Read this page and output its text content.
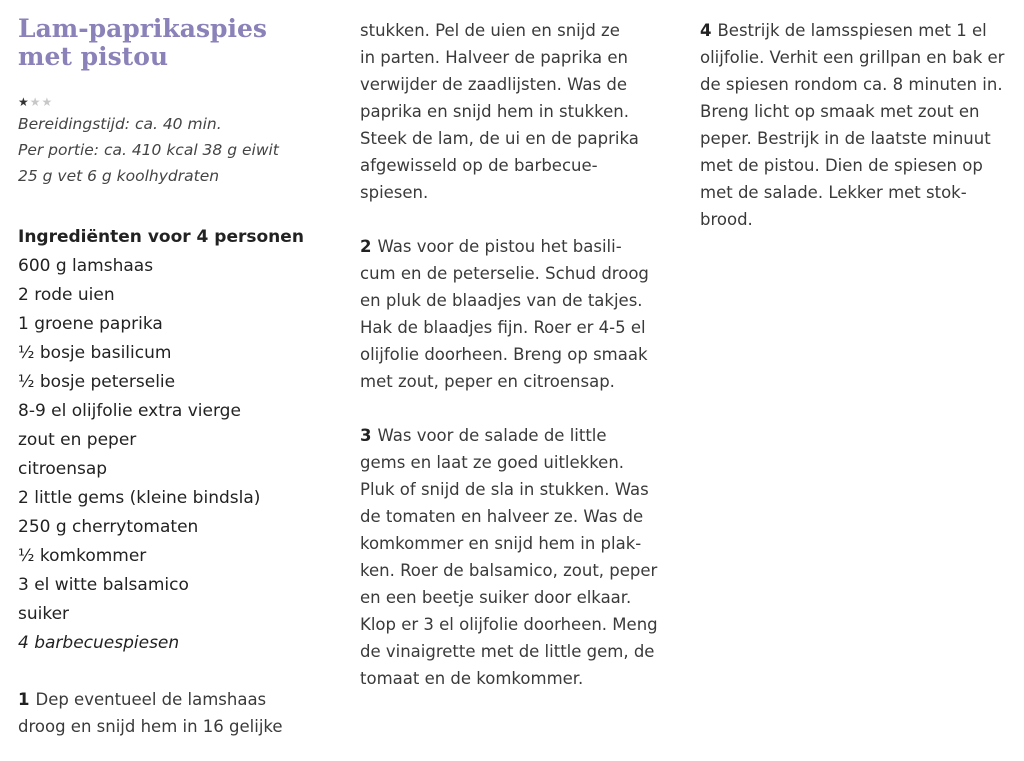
Lam-paprikaspies
met pistou
★★★
Bereidingstijd: ca. 40 min.
Per portie: ca. 410 kcal 38 g eiwit
25 g vet 6 g koolhydraten
Ingrediënten voor 4 personen
600 g lamshaas
2 rode uien
1 groene paprika
½ bosje basilicum
½ bosje peterselie
8-9 el olijfolie extra vierge
zout en peper
citroensap
2 little gems (kleine bindsla)
250 g cherrytomaten
½ komkommer
3 el witte balsamico
suiker
4 barbecuespiesen
1 Dep eventueel de lamshaas
droog en snijd hem in 16 gelijke
stukken. Pel de uien en snijd ze
in parten. Halveer de paprika en
verwijder de zaadlijsten. Was de
paprika en snijd hem in stukken.
Steek de lam, de ui en de paprika
afgewisseld op de barbecue-
spiesen.
2 Was voor de pistou het basili-
cum en de peterselie. Schud droog
en pluk de blaadjes van de takjes.
Hak de blaadjes fijn. Roer er 4-5 el
olijfolie doorheen. Breng op smaak
met zout, peper en citroensap.
3 Was voor de salade de little
gems en laat ze goed uitlekken.
Pluk of snijd de sla in stukken. Was
de tomaten en halveer ze. Was de
komkommer en snijd hem in plak-
ken. Roer de balsamico, zout, peper
en een beetje suiker door elkaar.
Klop er 3 el olijfolie doorheen. Meng
de vinaigrette met de little gem, de
tomaat en de komkommer.
4 Bestrijk de lamsspiesen met 1 el
olijfolie. Verhit een grillpan en bak er
de spiesen rondom ca. 8 minuten in.
Breng licht op smaak met zout en
peper. Bestrijk in de laatste minuut
met de pistou. Dien de spiesen op
met de salade. Lekker met stok-
brood.
